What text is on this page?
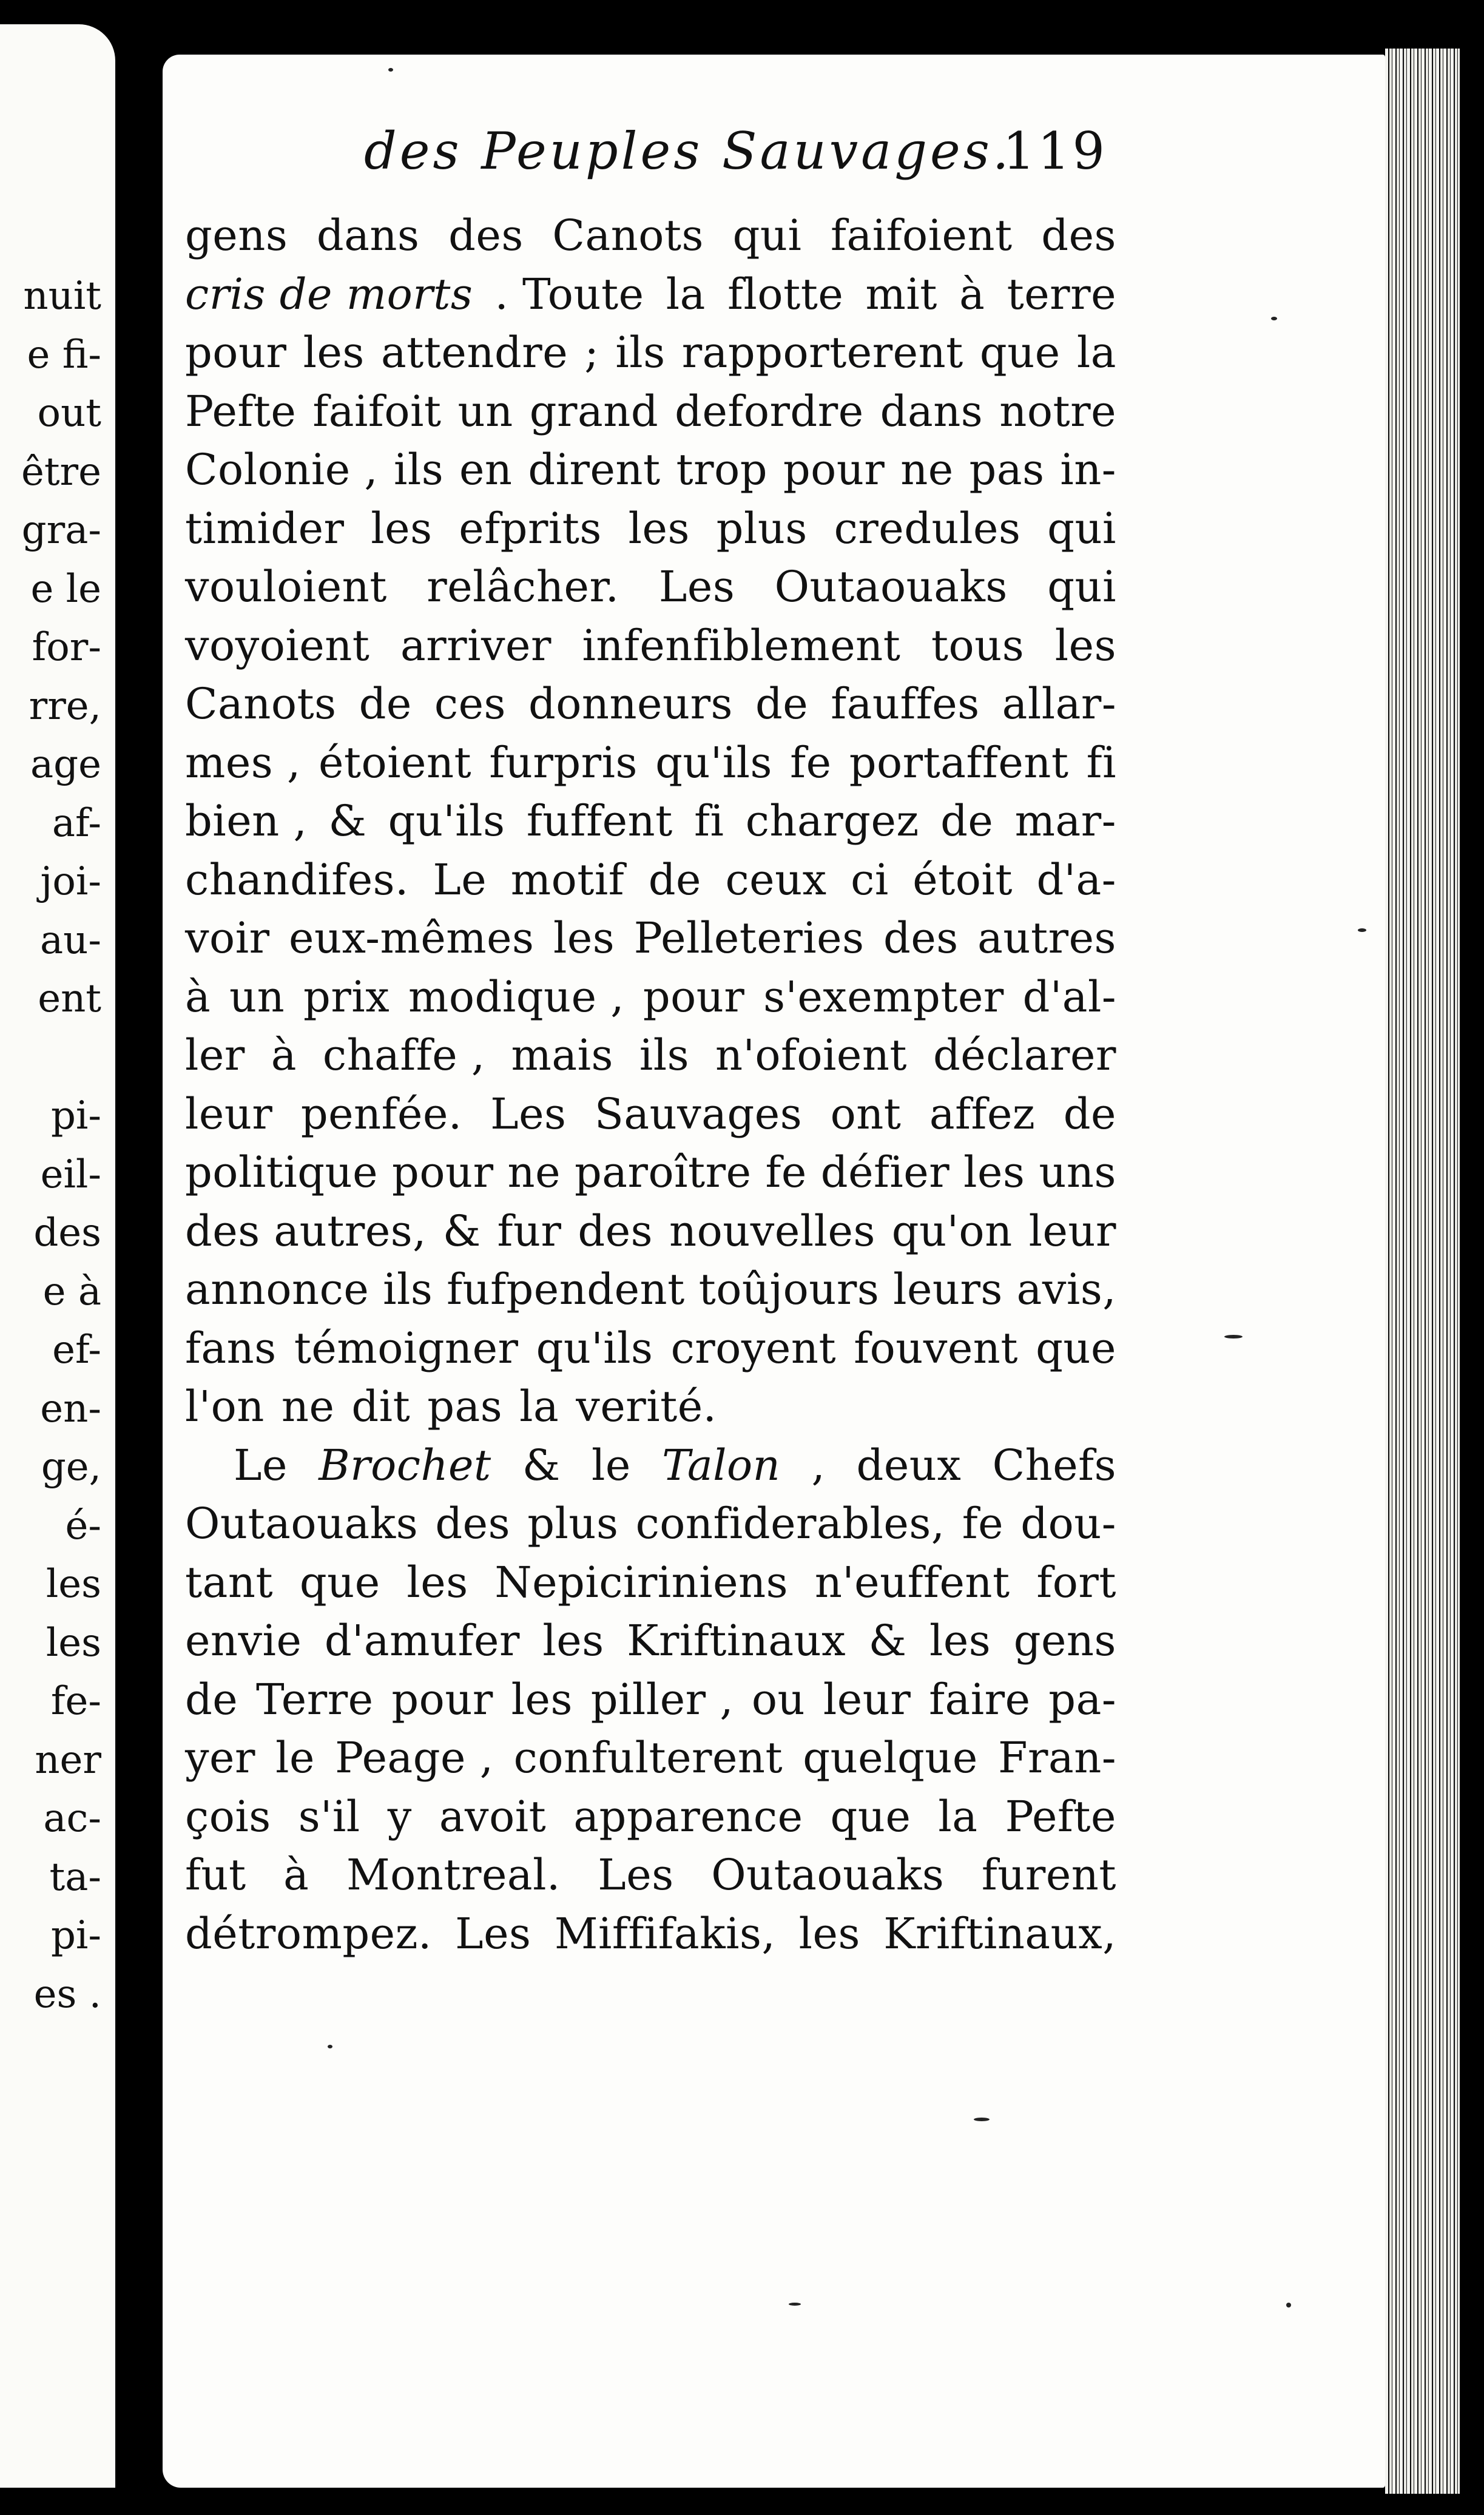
nuit
e fi-
out
être
gra-
e le
for-
rre,
age
af-
joi-
au-
ent
pi-
eil-
des
e à
ef-
en-
ge,
é-
les
les
fe-
ner
ac-
ta-
pi-
es .
des Peuples Sauvages.
119
gens dans des Canots qui faifoient des
cris de morts . Toute la flotte mit à terre
pour les attendre ; ils rapporterent que la
Pefte faifoit un grand defordre dans notre
Colonie , ils en dirent trop pour ne pas in-
timider les efprits les plus credules qui
vouloient relâcher. Les Outaouaks qui
voyoient arriver infenfiblement tous les
Canots de ces donneurs de fauffes allar-
mes , étoient furpris qu'ils fe portaffent fi
bien , & qu'ils fuffent fi chargez de mar-
chandifes. Le motif de ceux ci étoit d'a-
voir eux-mêmes les Pelleteries des autres
à un prix modique , pour s'exempter d'al-
ler à chaffe , mais ils n'ofoient déclarer
leur penfée. Les Sauvages ont affez de
politique pour ne paroître fe défier les uns
des autres, & fur des nouvelles qu'on leur
annonce ils fufpendent toûjours leurs avis,
fans témoigner qu'ils croyent fouvent que
l'on ne dit pas la verité.
Le Brochet & le Talon , deux Chefs
Outaouaks des plus confiderables, fe dou-
tant que les Nepiciriniens n'euffent fort
envie d'amufer les Kriftinaux & les gens
de Terre pour les piller , ou leur faire pa-
yer le Peage , confulterent quelque Fran-
çois s'il y avoit apparence que la Pefte
fut à Montreal. Les Outaouaks furent
détrompez. Les Miffifakis, les Kriftinaux,
